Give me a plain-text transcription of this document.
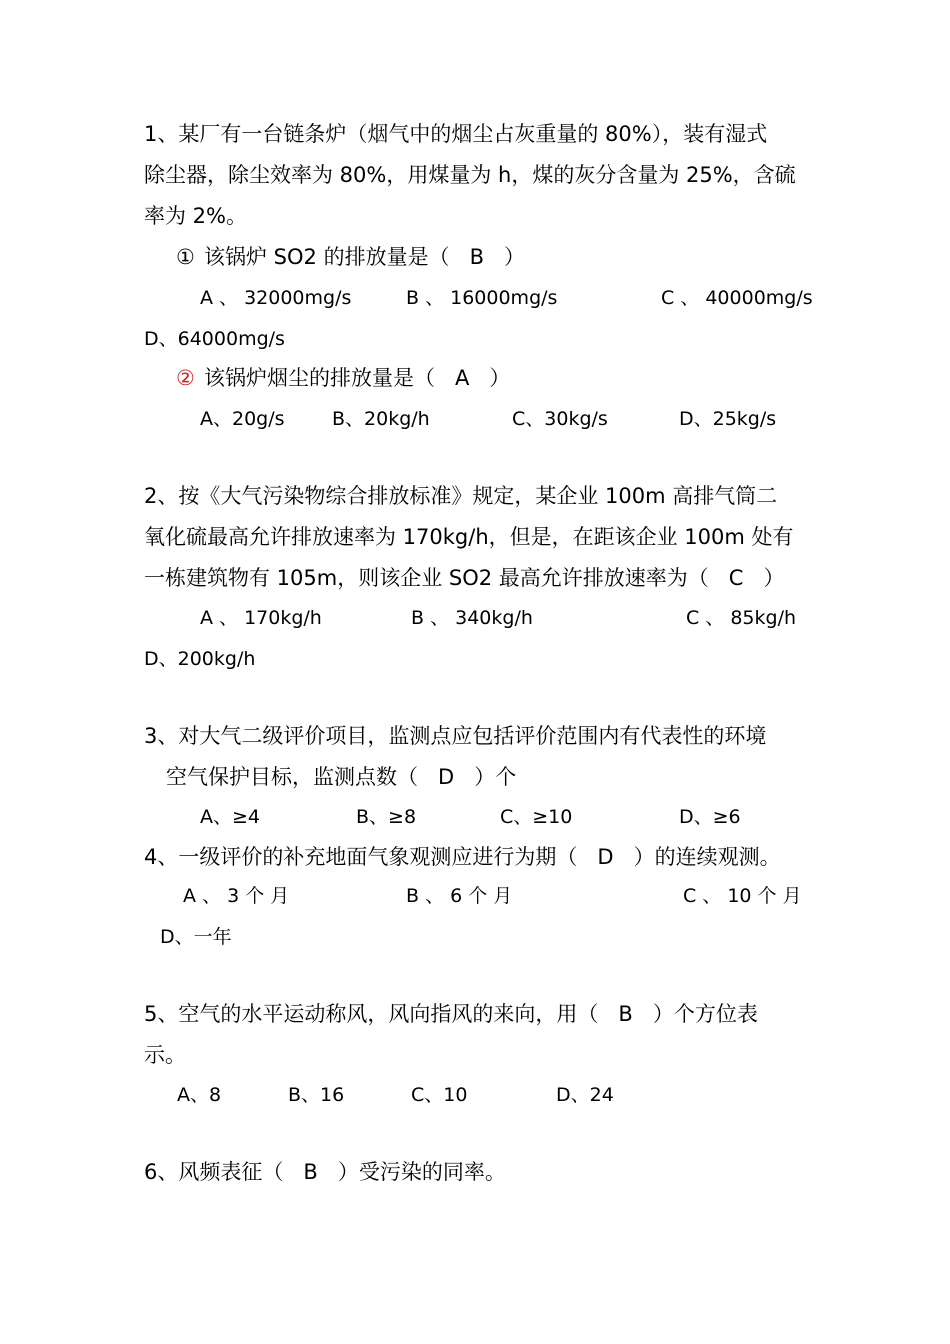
1、某厂有一台链条炉（烟气中的烟尘占灰重量的 80%），装有湿式
除尘器，除尘效率为 80%，用煤量为 h，煤的灰分含量为 25%，含硫
率为 2%。
① 该锅炉 SO2 的排放量是（   B   ）
A 、 32000mg/s	B 、 16000mg/s	C 、 40000mg/s
D、64000mg/s
② 该锅炉烟尘的排放量是（   A   ）
A、20g/s B、20kg/h	C、30kg/s	D、25kg/s
2、按《大气污染物综合排放标准》规定，某企业 100m 高排气筒二
氧化硫最高允许排放速率为 170kg/h，但是，在距该企业 100m 处有
一栋建筑物有 105m，则该企业 SO2 最高允许排放速率为（   C   ）
A 、 170kg/h	B 、 340kg/h	C 、 85kg/h
D、200kg/h
3、对大气二级评价项目，监测点应包括评价范围内有代表性的环境
空气保护目标，监测点数（   D   ）个
A、≥4	B、≥8	C、≥10	D、≥6
4、一级评价的补充地面气象观测应进行为期（   D   ）的连续观测。
A 、 3 个 月	B 、 6 个 月	C 、 10 个 月
D、一年
5、空气的水平运动称风，风向指风的来向，用（   B   ）个方位表
示。
A、8	B、16	C、10	D、24
6、风频表征（   B   ）受污染的同率。
